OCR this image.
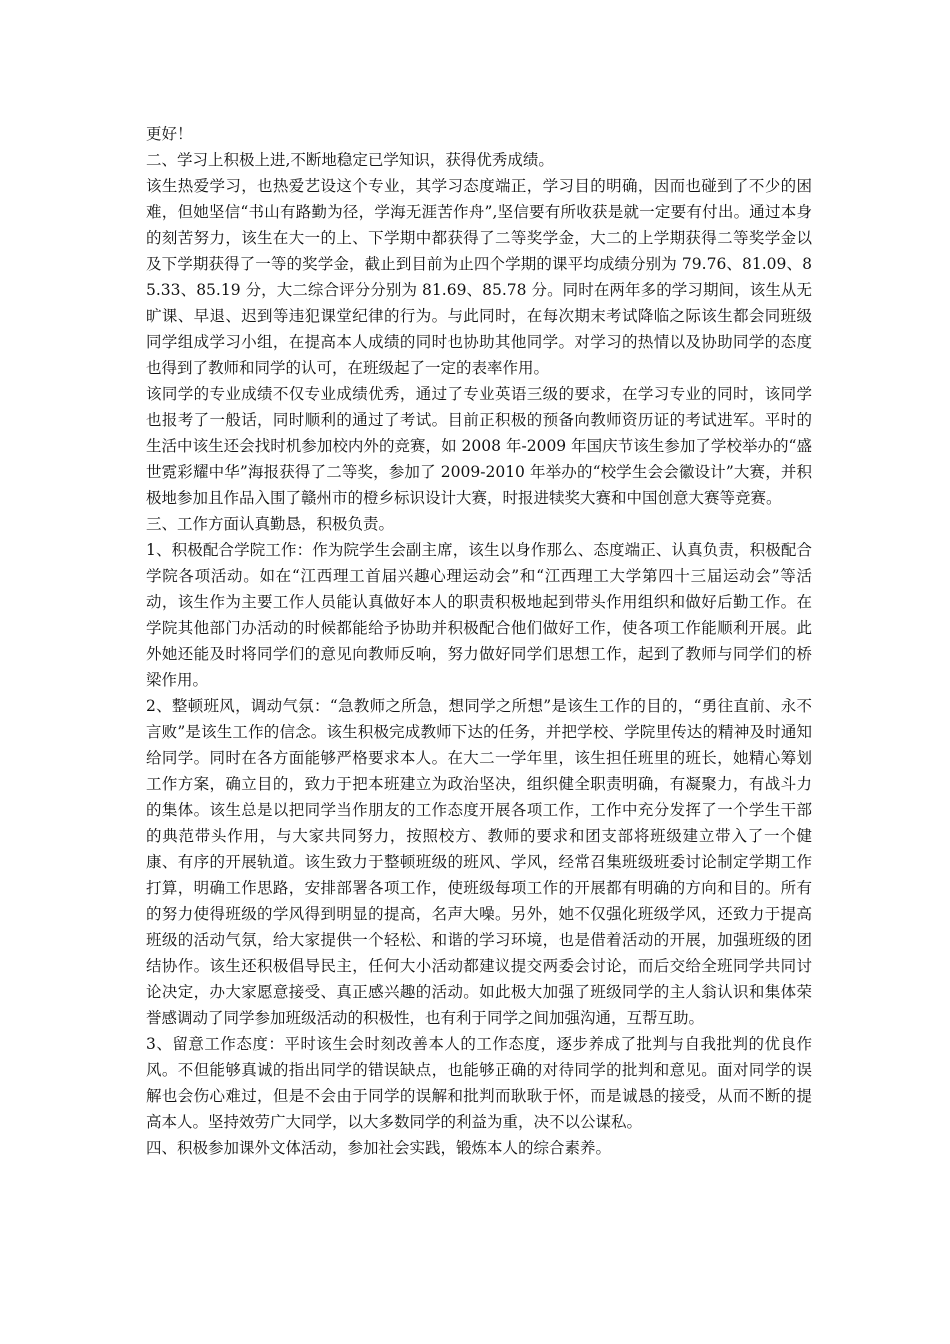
更好！

二、学习上积极上进,不断地稳定已学知识，获得优秀成绩。

该生热爱学习，也热爱艺设这个专业，其学习态度端正，学习目的明确，因而也碰到了不少的困难，但她坚信“书山有路勤为径，学海无涯苦作舟”,坚信要有所收获是就一定要有付出。通过本身的刻苦努力，该生在大一的上、下学期中都获得了二等奖学金，大二的上学期获得二等奖学金以及下学期获得了一等的奖学金，截止到目前为止四个学期的课平均成绩分别为 79.76、81.09、85.33、85.19 分，大二综合评分分别为 81.69、85.78 分。同时在两年多的学习期间，该生从无旷课、早退、迟到等违犯课堂纪律的行为。与此同时，在每次期末考试降临之际该生都会同班级同学组成学习小组，在提高本人成绩的同时也协助其他同学。对学习的热情以及协助同学的态度也得到了教师和同学的认可，在班级起了一定的表率作用。

该同学的专业成绩不仅专业成绩优秀，通过了专业英语三级的要求，在学习专业的同时，该同学也报考了一般话，同时顺利的通过了考试。目前正积极的预备向教师资历证的考试进军。平时的生活中该生还会找时机参加校内外的竞赛，如 2008 年-2009 年国庆节该生参加了学校举办的“盛世霓彩耀中华”海报获得了二等奖，参加了 2009-2010 年举办的“校学生会会徽设计”大赛，并积极地参加且作品入围了赣州市的橙乡标识设计大赛，时报进犊奖大赛和中国创意大赛等竞赛。

三、工作方面认真勤恳，积极负责。

1、积极配合学院工作：作为院学生会副主席，该生以身作那么、态度端正、认真负责，积极配合学院各项活动。如在“江西理工首届兴趣心理运动会”和“江西理工大学第四十三届运动会”等活动，该生作为主要工作人员能认真做好本人的职责积极地起到带头作用组织和做好后勤工作。在学院其他部门办活动的时候都能给予协助并积极配合他们做好工作，使各项工作能顺利开展。此外她还能及时将同学们的意见向教师反响，努力做好同学们思想工作，起到了教师与同学们的桥梁作用。

2、整顿班风，调动气氛：“急教师之所急，想同学之所想”是该生工作的目的，“勇往直前、永不言败”是该生工作的信念。该生积极完成教师下达的任务，并把学校、学院里传达的精神及时通知给同学。同时在各方面能够严格要求本人。在大二一学年里，该生担任班里的班长，她精心筹划工作方案，确立目的，致力于把本班建立为政治坚决，组织健全职责明确，有凝聚力，有战斗力的集体。该生总是以把同学当作朋友的工作态度开展各项工作，工作中充分发挥了一个学生干部的典范带头作用，与大家共同努力，按照校方、教师的要求和团支部将班级建立带入了一个健康、有序的开展轨道。该生致力于整顿班级的班风、学风，经常召集班级班委讨论制定学期工作打算，明确工作思路，安排部署各项工作，使班级每项工作的开展都有明确的方向和目的。所有的努力使得班级的学风得到明显的提高，名声大噪。另外，她不仅强化班级学风，还致力于提高班级的活动气氛，给大家提供一个轻松、和谐的学习环境，也是借着活动的开展，加强班级的团结协作。该生还积极倡导民主，任何大小活动都建议提交两委会讨论，而后交给全班同学共同讨论决定，办大家愿意接受、真正感兴趣的活动。如此极大加强了班级同学的主人翁认识和集体荣誉感调动了同学参加班级活动的积极性，也有利于同学之间加强沟通，互帮互助。

3、留意工作态度：平时该生会时刻改善本人的工作态度，逐步养成了批判与自我批判的优良作风。不但能够真诚的指出同学的错误缺点，也能够正确的对待同学的批判和意见。面对同学的误解也会伤心难过，但是不会由于同学的误解和批判而耿耿于怀，而是诚恳的接受，从而不断的提高本人。坚持效劳广大同学，以大多数同学的利益为重，决不以公谋私。

四、积极参加课外文体活动，参加社会实践，锻炼本人的综合素养。
